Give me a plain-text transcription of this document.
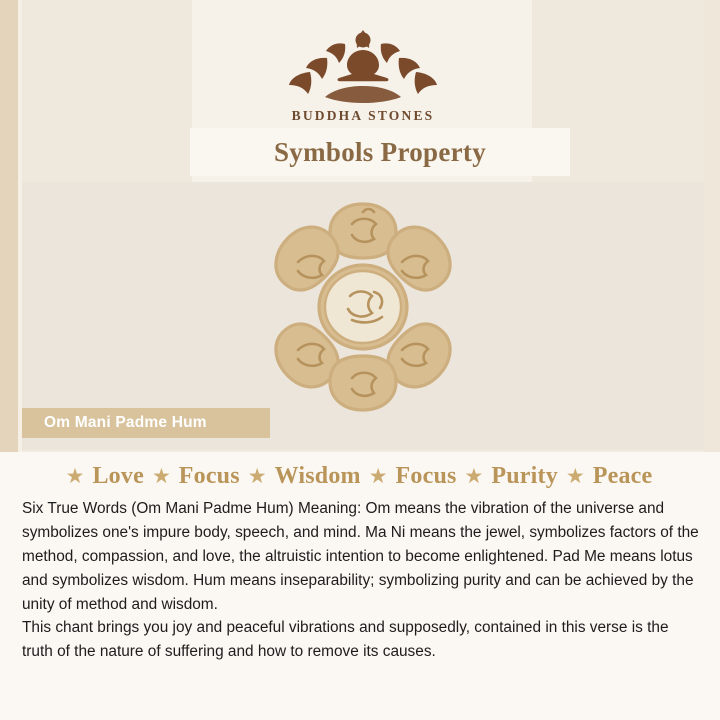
BUDDHA STONES
Symbols Property
Om Mani Padme Hum
★ Love ★ Focus ★ Wisdom ★ Focus ★ Purity ★ Peace

Six True Words (Om Mani Padme Hum) Meaning: Om means the vibration of the universe and symbolizes one's impure body, speech, and mind. Ma Ni means the jewel, symbolizes factors of the method, compassion, and love, the altruistic intention to become enlightened. Pad Me means lotus and symbolizes wisdom. Hum means inseparability; symbolizing purity and can be achieved by the unity of method and wisdom.

This chant brings you joy and peaceful vibrations and supposedly, contained in this verse is the truth of the nature of suffering and how to remove its causes.
